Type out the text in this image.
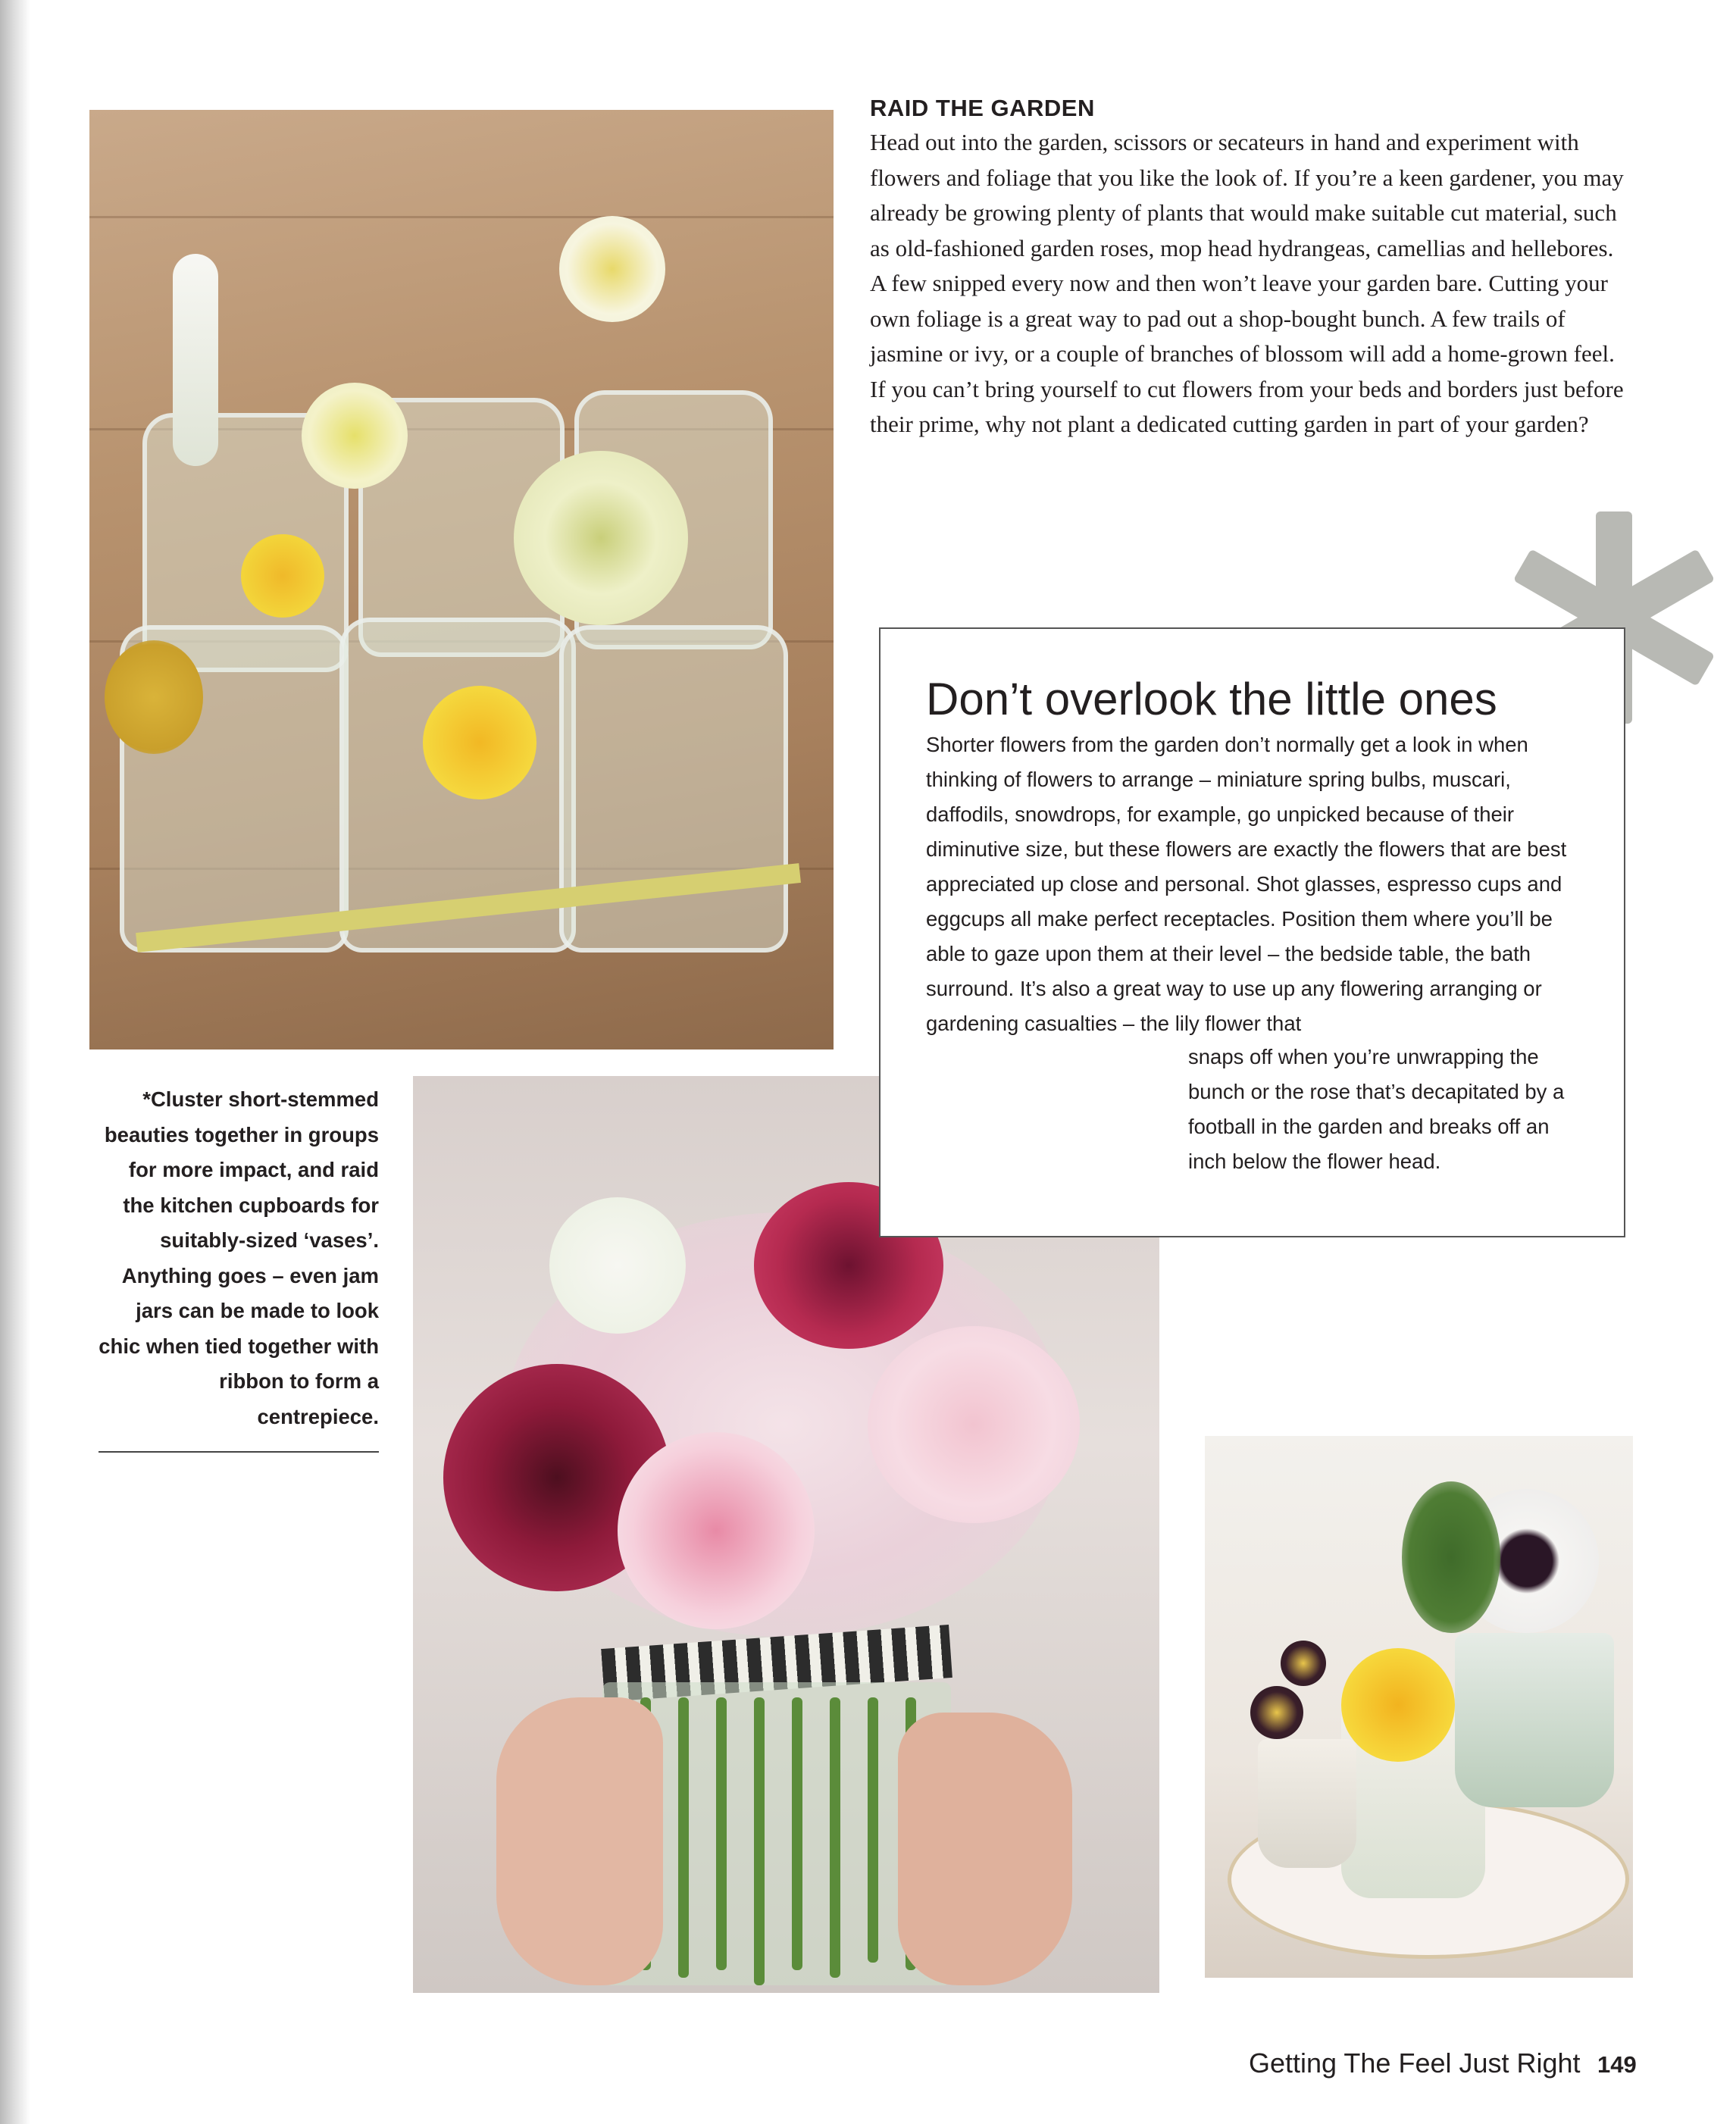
RAID THE GARDEN

Head out into the garden, scissors or secateurs in hand and experiment with flowers and foliage that you like the look of. If you’re a keen gardener, you may already be growing plenty of plants that would make suitable cut material, such as old-fashioned garden roses, mop head hydrangeas, camellias and hellebores. A few snipped every now and then won’t leave your garden bare. Cutting your own foliage is a great way to pad out a shop-bought bunch. A few trails of jasmine or ivy, or a couple of branches of blossom will add a home-grown feel. If you can’t bring yourself to cut flowers from your beds and borders just before their prime, why not plant a dedicated cutting garden in part of your garden?

Don’t overlook the little ones

Shorter flowers from the garden don’t normally get a look in when thinking of flowers to arrange – miniature spring bulbs, muscari, daffodils, snowdrops, for example, go unpicked because of their diminutive size, but these flowers are exactly the flowers that are best appreciated up close and personal. Shot glasses, espresso cups and eggcups all make perfect receptacles. Position them where you’ll be able to gaze upon them at their level – the bedside table, the bath surround. It’s also a great way to use up any flowering arranging or gardening casualties – the lily flower that

snaps off when you’re unwrapping the bunch or the rose that’s decapitated by a football in the garden and breaks off an inch below the flower head.

*Cluster short-stemmed beauties together in groups for more impact, and raid the kitchen cupboards for suitably-sized ‘vases’. Anything goes – even jam jars can be made to look chic when tied together with ribbon to form a centrepiece.

Getting The Feel Just Right 149
